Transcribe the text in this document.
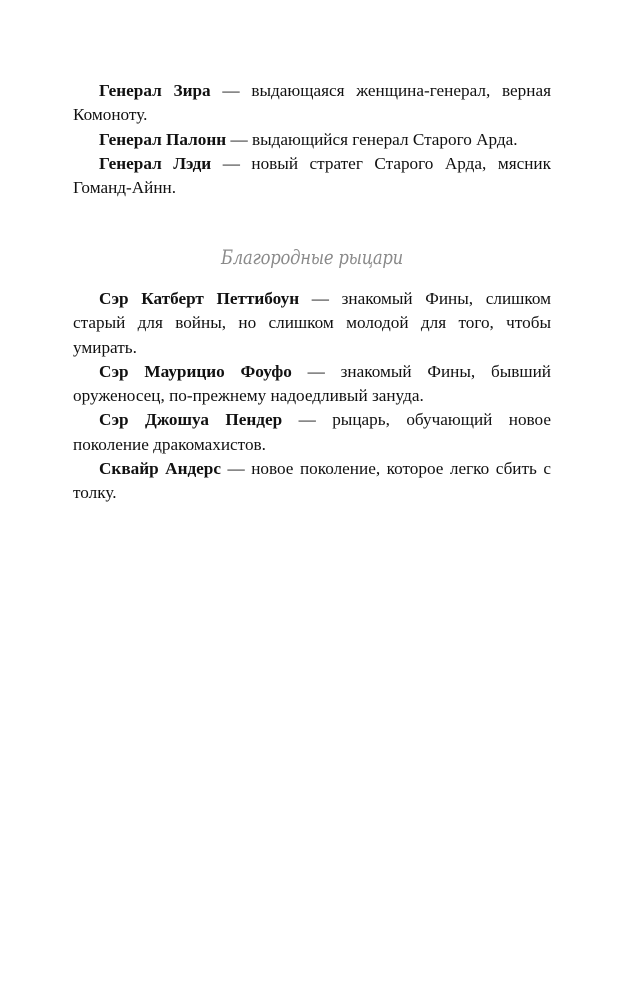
Генерал Зира — выдающаяся женщина-генерал, верная Комоноту.

Генерал Палонн — выдающийся генерал Старого Арда.

Генерал Лэди — новый стратег Старого Арда, мясник Гоманд-Айнн.

Благородные рыцари

Сэр Катберт Петтибоун — знакомый Фины, слишком старый для войны, но слишком молодой для того, чтобы умирать.

Сэр Маурицио Фоуфо — знакомый Фины, бывший оруженосец, по-прежнему надоедливый зануда.

Сэр Джошуа Пендер — рыцарь, обучающий новое поколение дракомахистов.

Сквайр Андерс — новое поколение, которое легко сбить с толку.
